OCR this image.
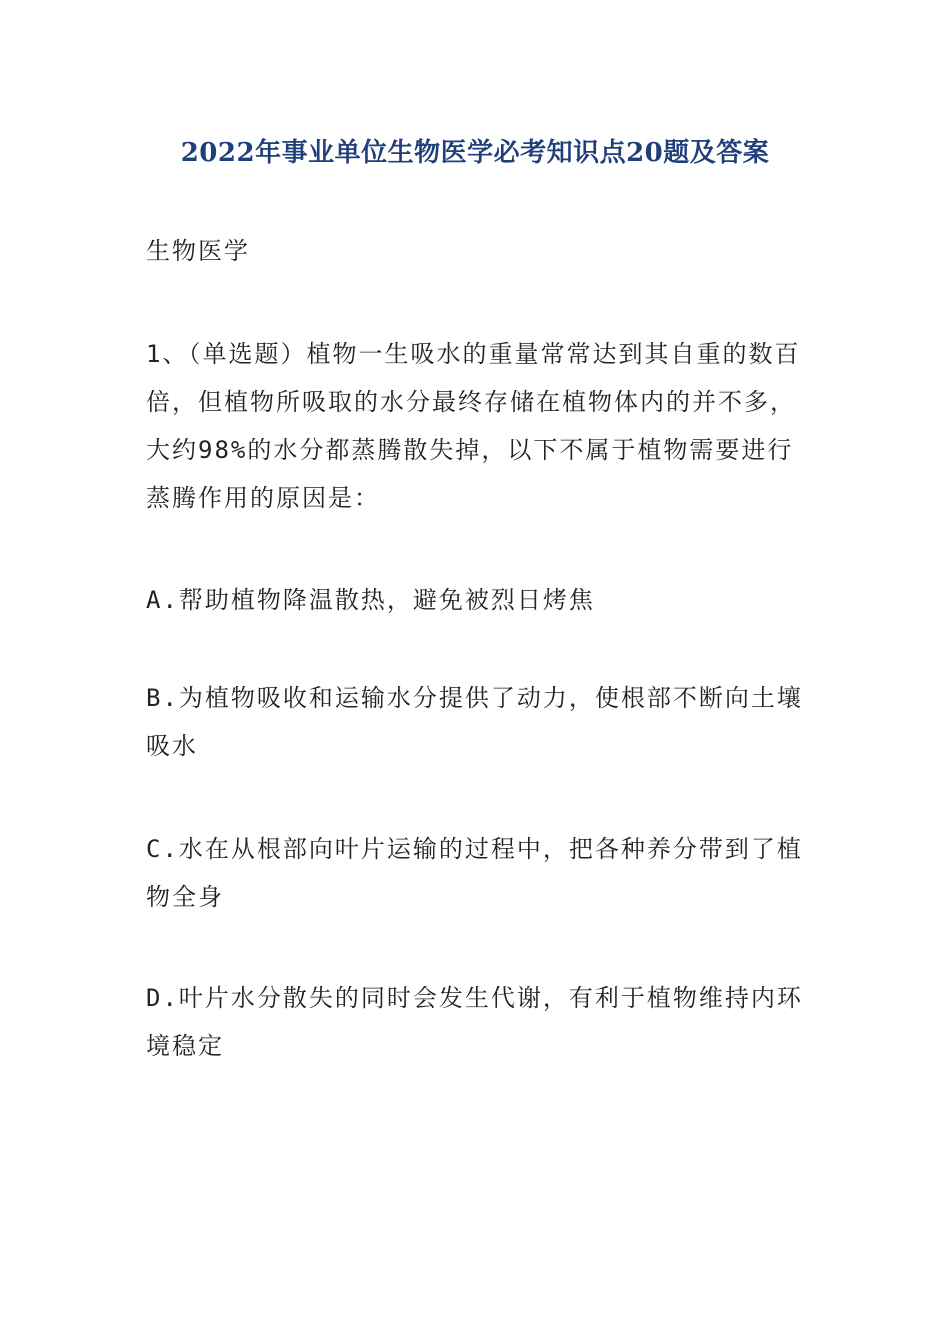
2022年事业单位生物医学必考知识点20题及答案
生物医学
1、（单选题）植物一生吸水的重量常常达到其自重的数百倍，但植物所吸取的水分最终存储在植物体内的并不多，大约98%的水分都蒸腾散失掉，以下不属于植物需要进行蒸腾作用的原因是：
A.帮助植物降温散热，避免被烈日烤焦
B.为植物吸收和运输水分提供了动力，使根部不断向土壤吸水
C.水在从根部向叶片运输的过程中，把各种养分带到了植物全身
D.叶片水分散失的同时会发生代谢，有利于植物维持内环境稳定
